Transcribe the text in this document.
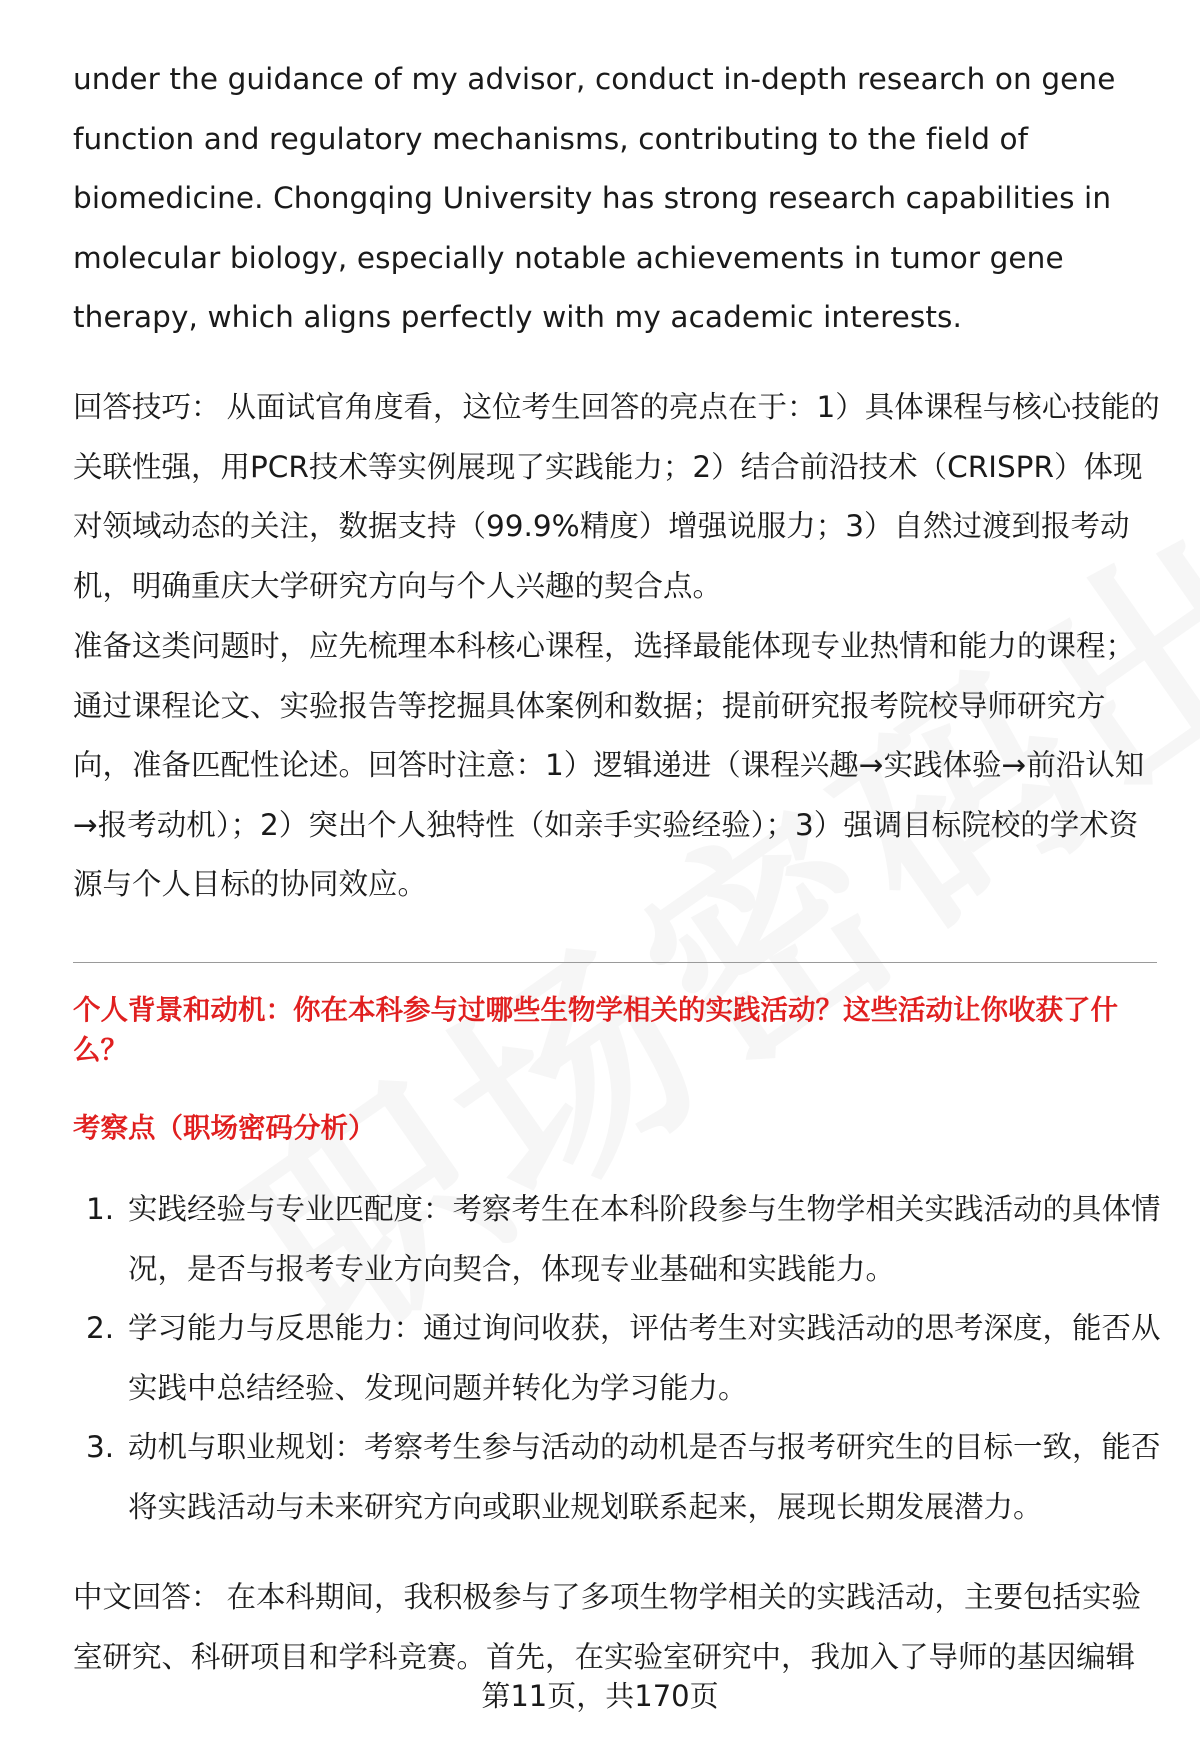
under the guidance of my advisor, conduct in-depth research on gene function and regulatory mechanisms, contributing to the field of biomedicine. Chongqing University has strong research capabilities in molecular biology, especially notable achievements in tumor gene therapy, which aligns perfectly with my academic interests.

回答技巧： 从面试官角度看，这位考生回答的亮点在于：1）具体课程与核心技能的关联性强，用PCR技术等实例展现了实践能力；2）结合前沿技术（CRISPR）体现对领域动态的关注，数据支持（99.9%精度）增强说服力；3）自然过渡到报考动机，明确重庆大学研究方向与个人兴趣的契合点。

准备这类问题时，应先梳理本科核心课程，选择最能体现专业热情和能力的课程；通过课程论文、实验报告等挖掘具体案例和数据；提前研究报考院校导师研究方向，准备匹配性论述。回答时注意：1）逻辑递进（课程兴趣→实践体验→前沿认知→报考动机）；2）突出个人独特性（如亲手实验经验）；3）强调目标院校的学术资源与个人目标的协同效应。

个人背景和动机：你在本科参与过哪些生物学相关的实践活动？这些活动让你收获了什么？
考察点（职场密码分析）
1. 实践经验与专业匹配度：考察考生在本科阶段参与生物学相关实践活动的具体情况，是否与报考专业方向契合，体现专业基础和实践能力。
2. 学习能力与反思能力：通过询问收获，评估考生对实践活动的思考深度，能否从实践中总结经验、发现问题并转化为学习能力。
3. 动机与职业规划：考察考生参与活动的动机是否与报考研究生的目标一致，能否将实践活动与未来研究方向或职业规划联系起来，展现长期发展潜力。

中文回答： 在本科期间，我积极参与了多项生物学相关的实践活动，主要包括实验室研究、科研项目和学科竞赛。首先，在实验室研究中，我加入了导师的基因编辑

第11页，共170页
